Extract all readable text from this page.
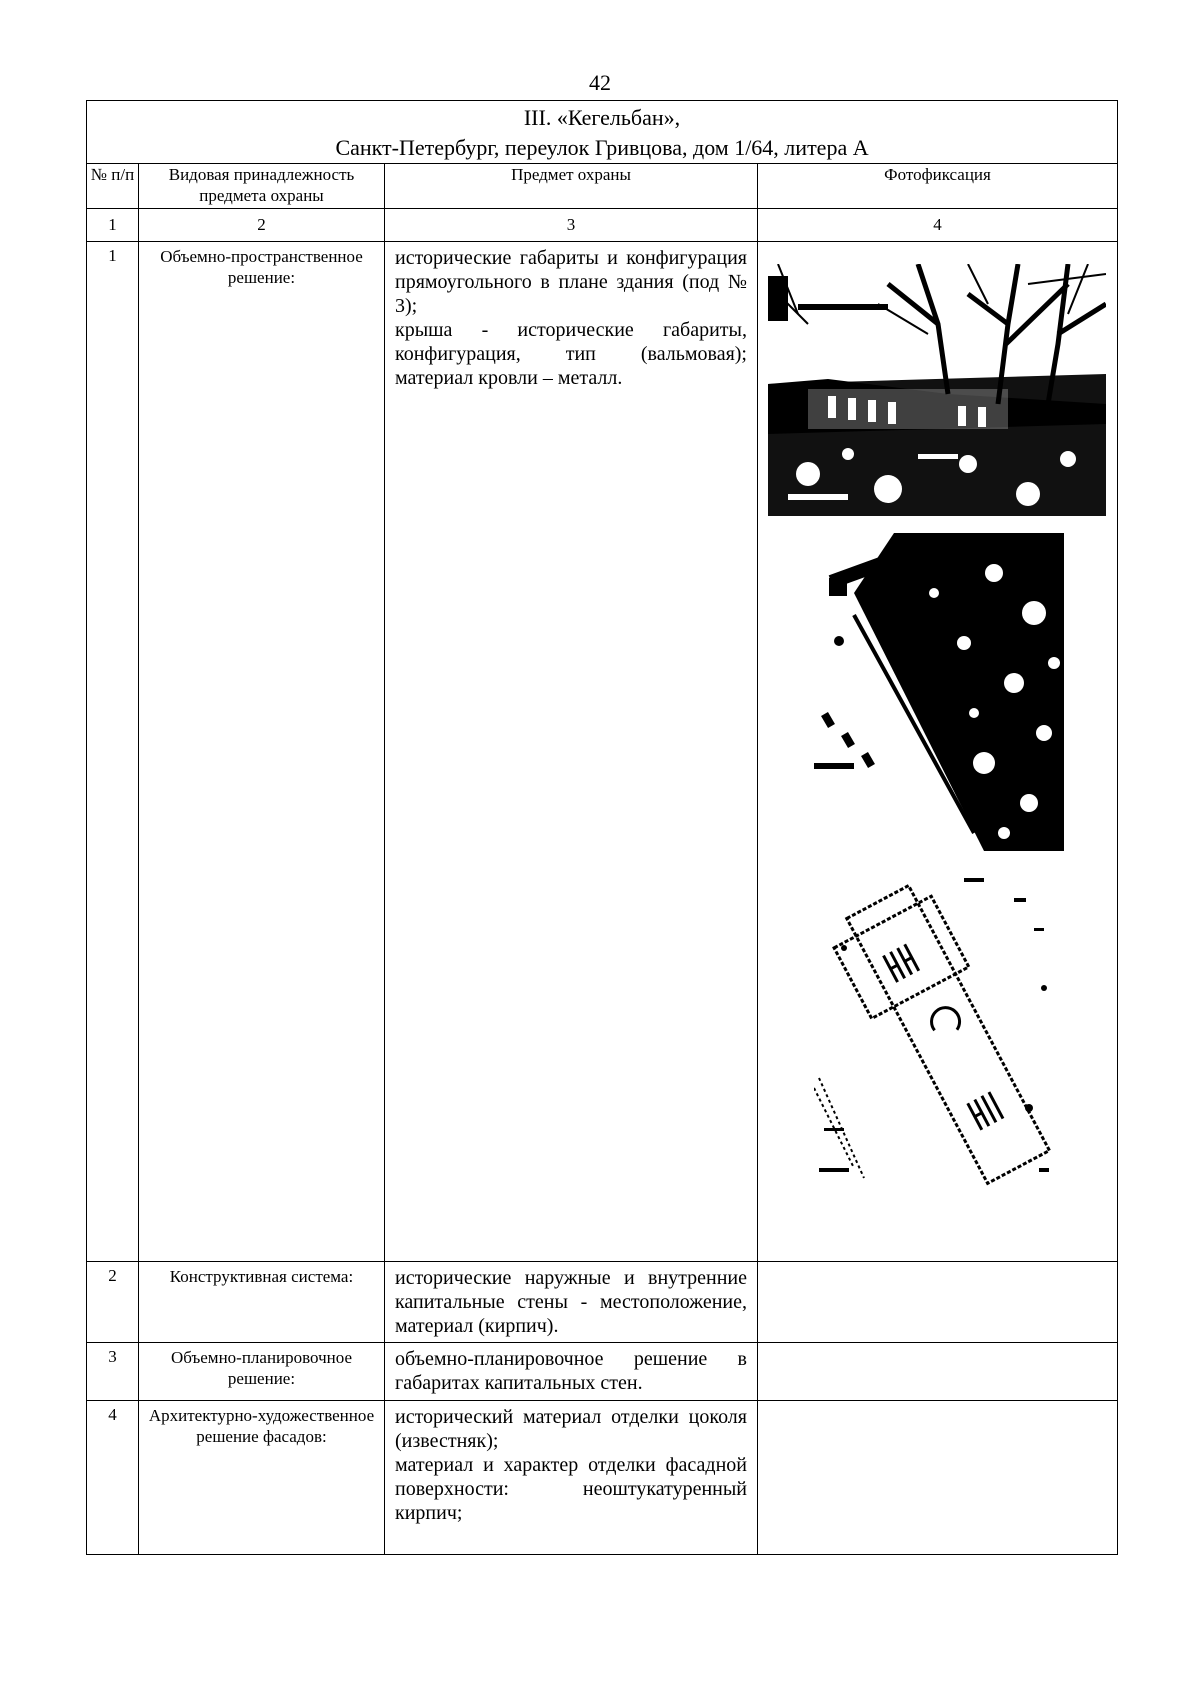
42
III. «Кегельбан»,
Санкт-Петербург, переулок Гривцова, дом 1/64, литера А			

№ п/п	Видовая принадлежность предмета охраны	Предмет охраны	Фотофиксация
1	2	3	4
1	Объемно-пространственное решение:	исторические габариты и конфигурация прямоугольного в плане здания (под № 3);

крыша - исторические габариты, конфигурация, тип (вальмовая); материал кровли – металл.

2	Конструктивная система:	исторические наружные и внутренние капитальные стены - местоположение, материал (кирпич).	

3	Объемно-планировочное решение:	объемно-планировочное решение в габаритах капитальных стен.	

4	Архитектурно-художественное решение фасадов:	исторический материал отделки цоколя (известняк);

материал и характер отделки фасадной поверхности: неоштукатуренный кирпич;	
